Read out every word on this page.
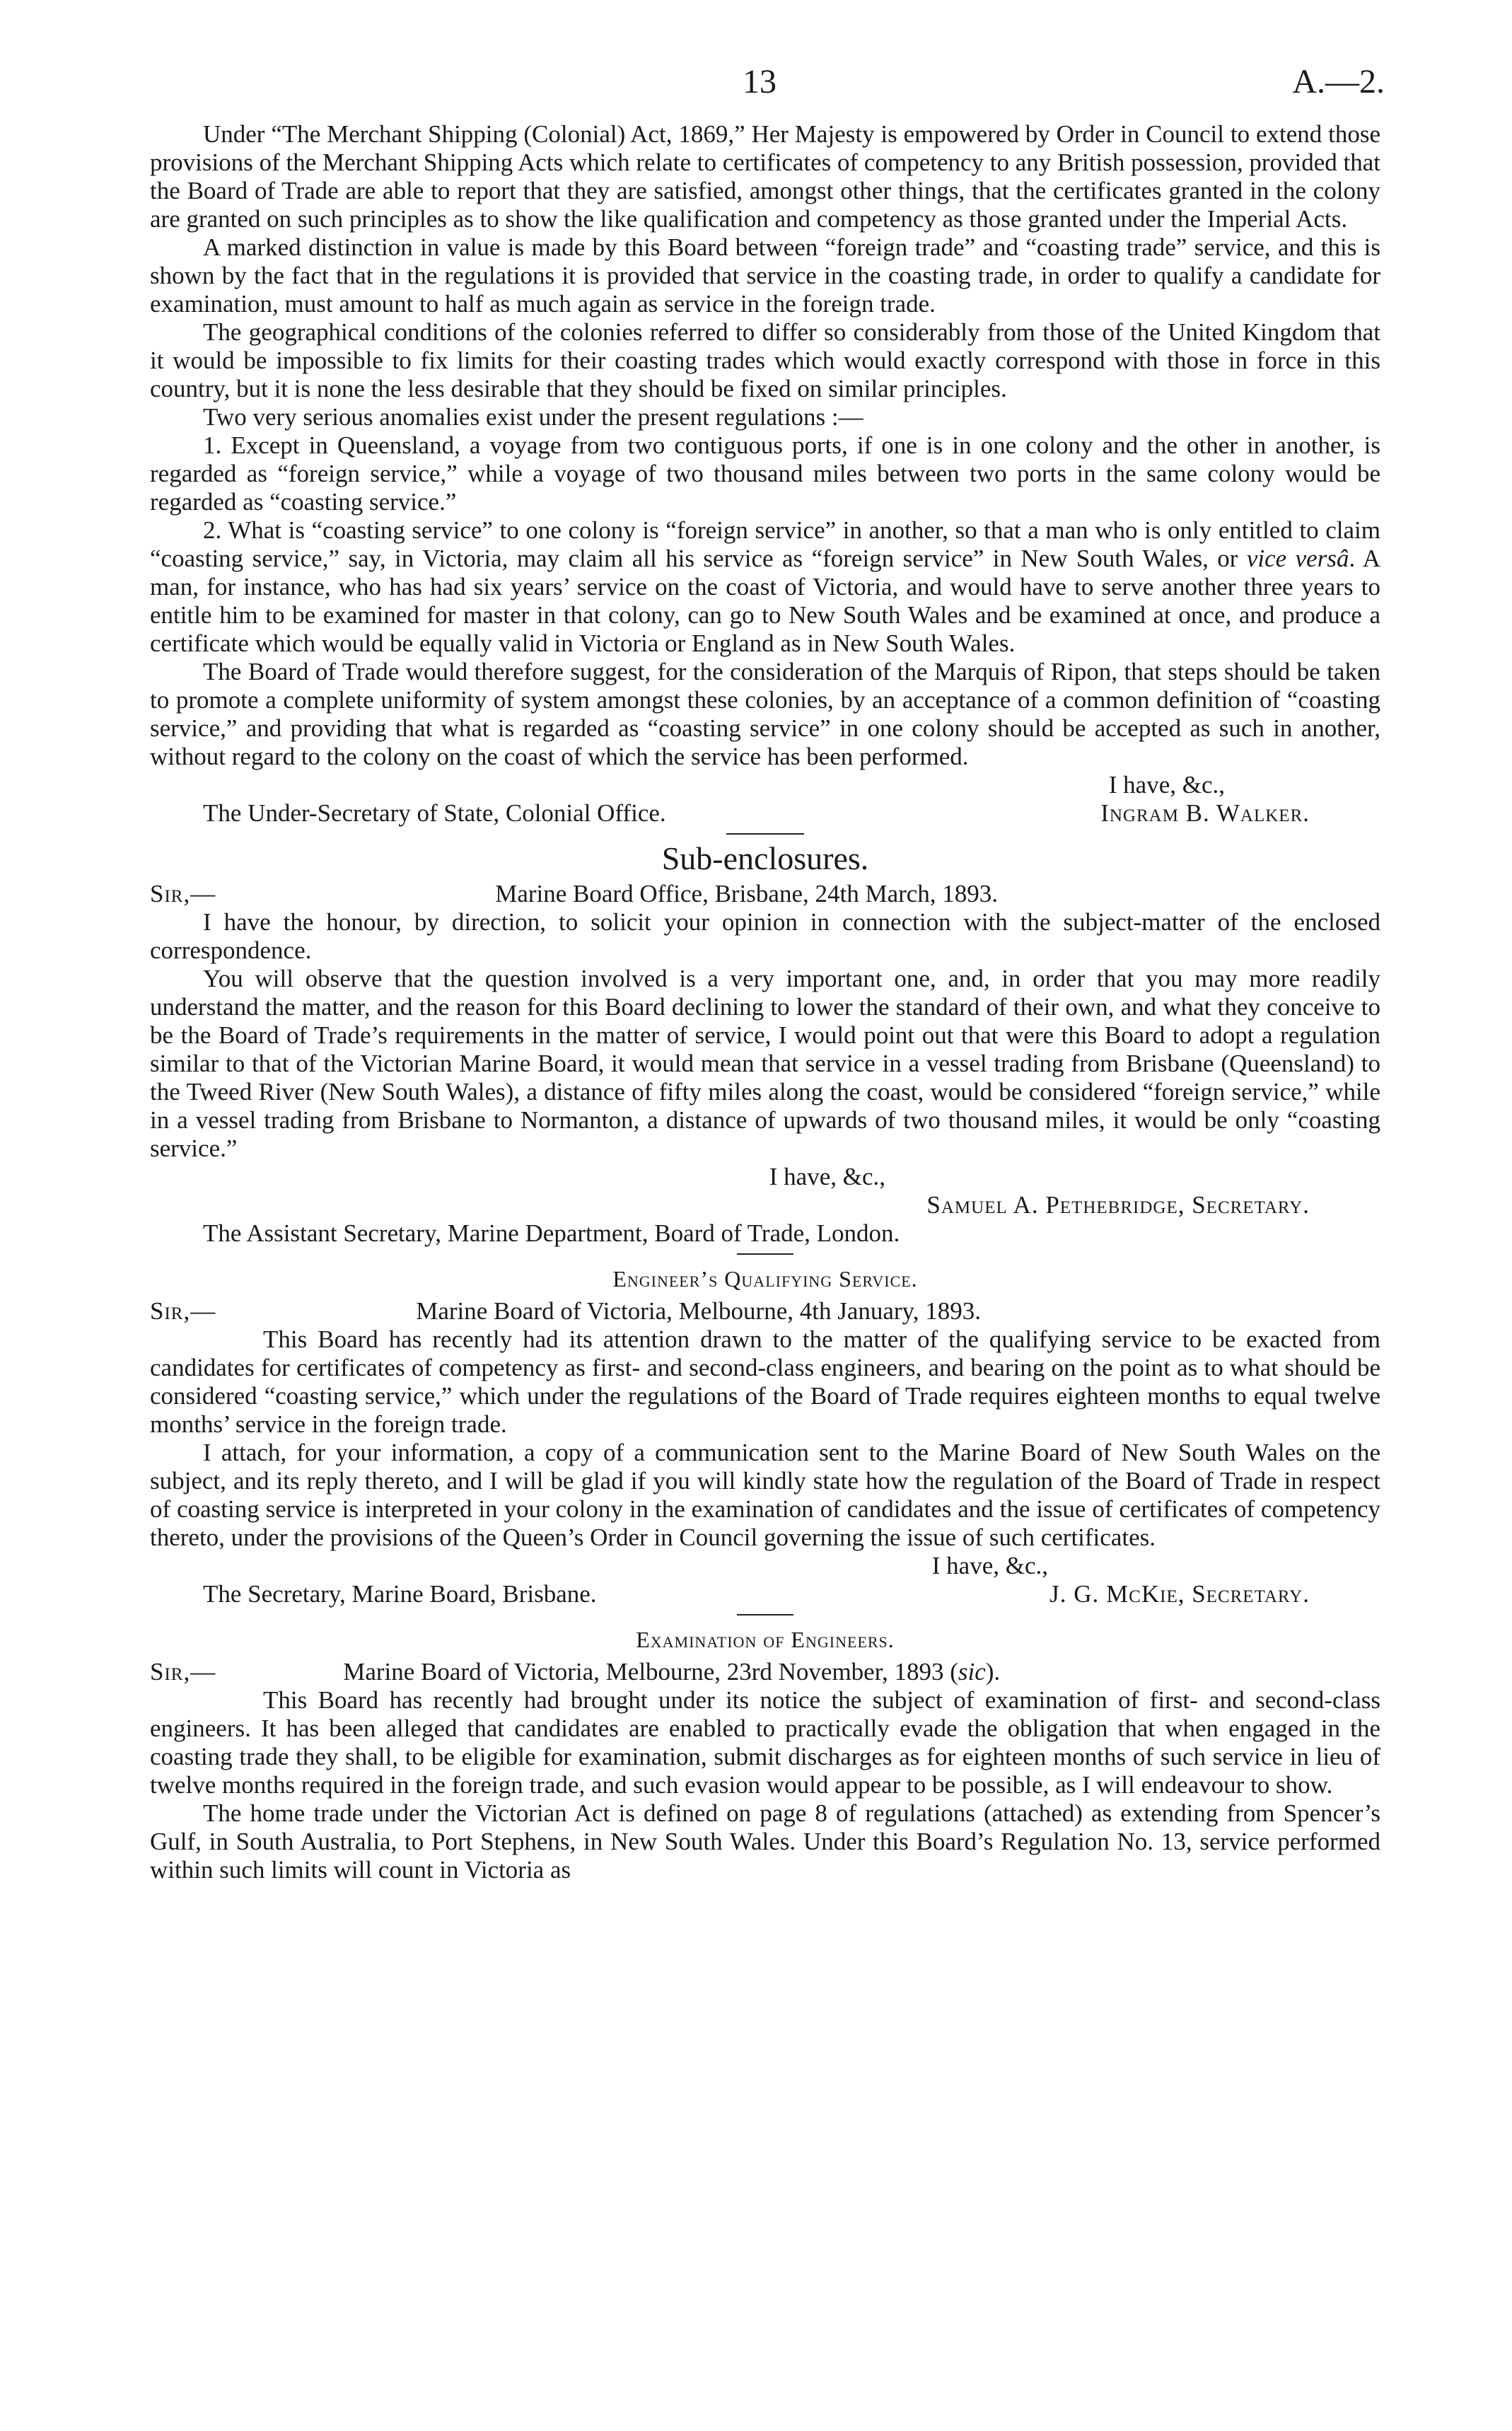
13	A.—2.

Under “The Merchant Shipping (Colonial) Act, 1869,” Her Majesty is empowered by Order in Council to extend those provisions of the Merchant Shipping Acts which relate to certificates of competency to any British possession, provided that the Board of Trade are able to report that they are satisfied, amongst other things, that the certificates granted in the colony are granted on such principles as to show the like qualification and competency as those granted under the Imperial Acts.

A marked distinction in value is made by this Board between “foreign trade” and “coasting trade” service, and this is shown by the fact that in the regulations it is provided that service in the coasting trade, in order to qualify a candidate for examination, must amount to half as much again as service in the foreign trade.

The geographical conditions of the colonies referred to differ so considerably from those of the United Kingdom that it would be impossible to fix limits for their coasting trades which would exactly correspond with those in force in this country, but it is none the less desirable that they should be fixed on similar principles.

Two very serious anomalies exist under the present regulations :—

1. Except in Queensland, a voyage from two contiguous ports, if one is in one colony and the other in another, is regarded as “foreign service,” while a voyage of two thousand miles between two ports in the same colony would be regarded as “coasting service.”

2. What is “coasting service” to one colony is “foreign service” in another, so that a man who is only entitled to claim “coasting service,” say, in Victoria, may claim all his service as “foreign service” in New South Wales, or vice versâ. A man, for instance, who has had six years’ service on the coast of Victoria, and would have to serve another three years to entitle him to be examined for master in that colony, can go to New South Wales and be examined at once, and produce a certificate which would be equally valid in Victoria or England as in New South Wales.

The Board of Trade would therefore suggest, for the consideration of the Marquis of Ripon, that steps should be taken to promote a complete uniformity of system amongst these colonies, by an acceptance of a common definition of “coasting service,” and providing that what is regarded as “coasting service” in one colony should be accepted as such in another, without regard to the colony on the coast of which the service has been performed.

I have, &c.,
The Under-Secretary of State, Colonial Office.	Ingram B. Walker.
Sub-enclosures.
Sir,—	Marine Board Office, Brisbane, 24th March, 1893.

I have the honour, by direction, to solicit your opinion in connection with the subject-matter of the enclosed correspondence.

You will observe that the question involved is a very important one, and, in order that you may more readily understand the matter, and the reason for this Board declining to lower the standard of their own, and what they conceive to be the Board of Trade’s requirements in the matter of service, I would point out that were this Board to adopt a regulation similar to that of the Victorian Marine Board, it would mean that service in a vessel trading from Brisbane (Queensland) to the Tweed River (New South Wales), a distance of fifty miles along the coast, would be considered “foreign service,” while in a vessel trading from Brisbane to Normanton, a distance of upwards of two thousand miles, it would be only “coasting service.”

I have, &c.,
Samuel A. Pethebridge, Secretary.
The Assistant Secretary, Marine Department, Board of Trade, London.
Engineer’s Qualifying Service.
Sir,—	Marine Board of Victoria, Melbourne, 4th January, 1893.

This Board has recently had its attention drawn to the matter of the qualifying service to be exacted from candidates for certificates of competency as first- and second-class engineers, and bearing on the point as to what should be considered “coasting service,” which under the regulations of the Board of Trade requires eighteen months to equal twelve months’ service in the foreign trade.

I attach, for your information, a copy of a communication sent to the Marine Board of New South Wales on the subject, and its reply thereto, and I will be glad if you will kindly state how the regulation of the Board of Trade in respect of coasting service is interpreted in your colony in the examination of candidates and the issue of certificates of competency thereto, under the provisions of the Queen’s Order in Council governing the issue of such certificates.

I have, &c.,
The Secretary, Marine Board, Brisbane.	J. G. McKie, Secretary.
Examination of Engineers.
Sir,—	Marine Board of Victoria, Melbourne, 23rd November, 1893 (sic).

This Board has recently had brought under its notice the subject of examination of first- and second-class engineers. It has been alleged that candidates are enabled to practically evade the obligation that when engaged in the coasting trade they shall, to be eligible for examination, submit discharges as for eighteen months of such service in lieu of twelve months required in the foreign trade, and such evasion would appear to be possible, as I will endeavour to show.

The home trade under the Victorian Act is defined on page 8 of regulations (attached) as extending from Spencer’s Gulf, in South Australia, to Port Stephens, in New South Wales. Under this Board’s Regulation No. 13, service performed within such limits will count in Victoria as
